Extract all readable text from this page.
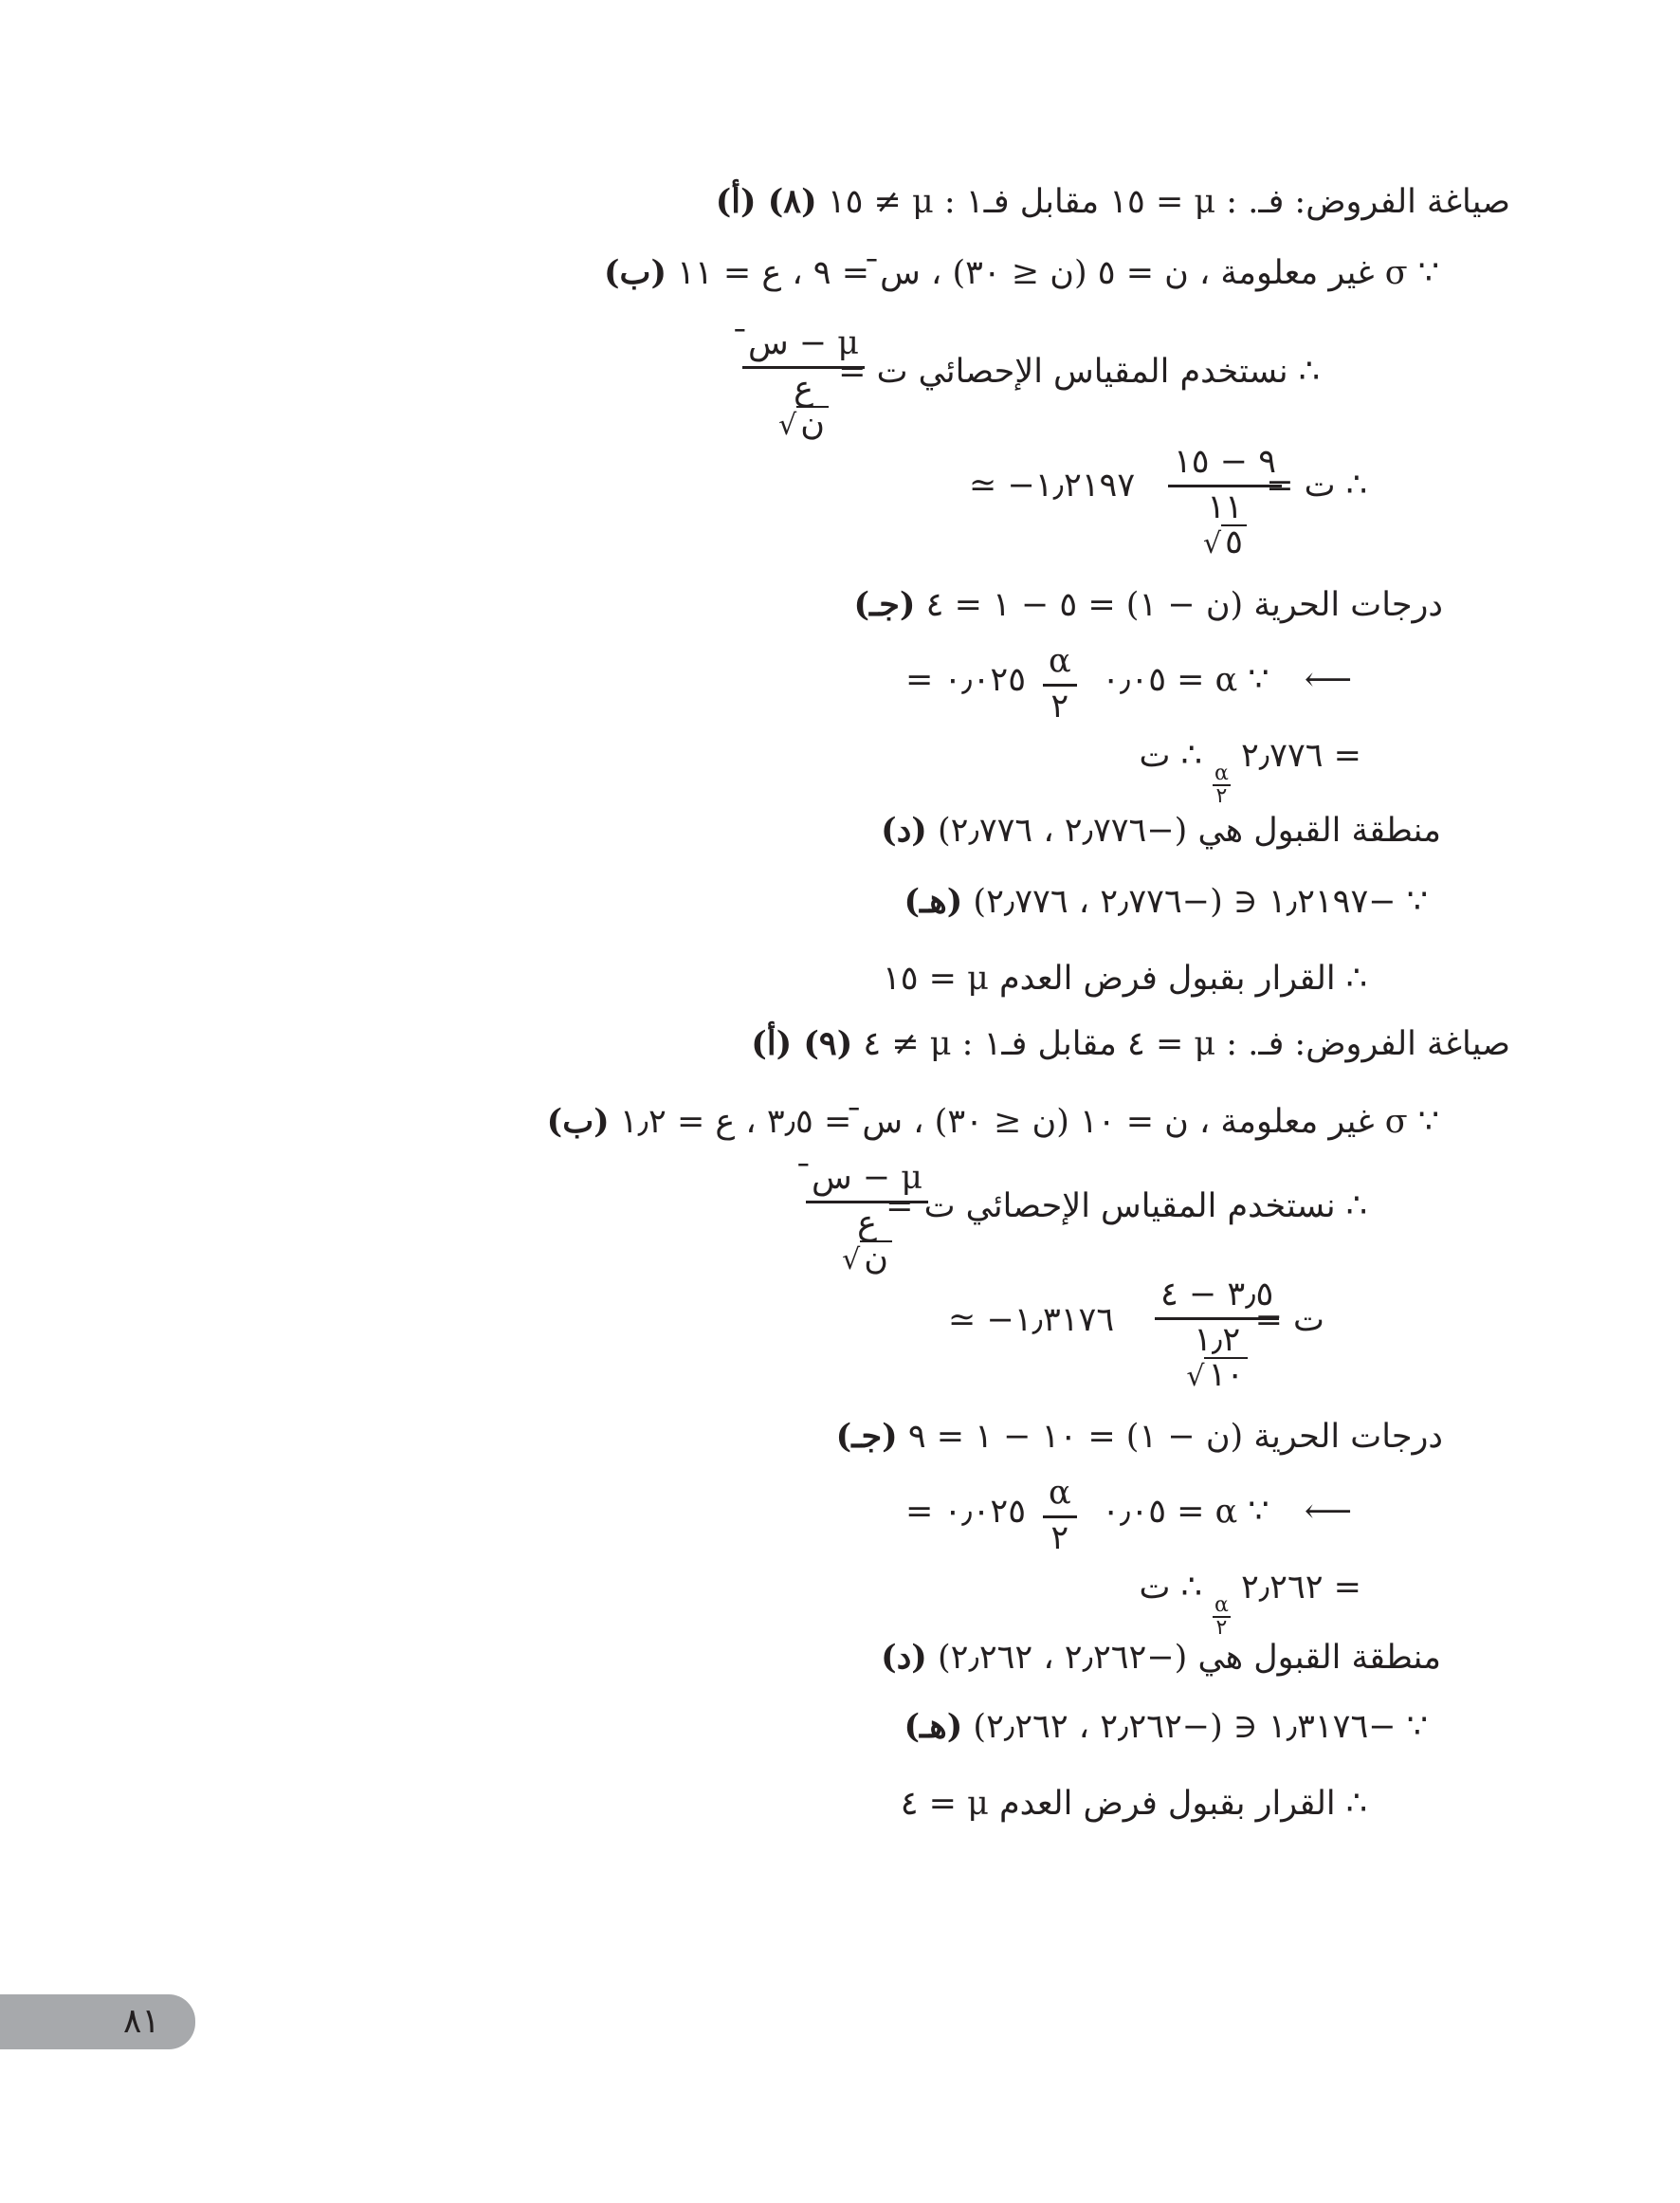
(٨) (أ) صياغة الفروض: فـ. : μ = ١٥ مقابل فـ١ : μ ≠ ١٥
(ب) ∵ σ غير معلومة ، ن = ٥ (ن ≤ ٣٠) ، س̄ = ٩ ، ع = ١١
∴ نستخدم المقياس الإحصائي ت =
س̄ − μ
ع
√ ن
∴ ت =
٩ − ١٥
١١
√ ٥
≃ −١٫٢١٩٧
(جـ) درجات الحرية (ن − ١) = ٥ − ١ = ٤
∵ α = ٠٫٠٥ ⟵
α
٢
= ٠٫٠٢٥
∴ ت α
٢
= ٢٫٧٧٦
(د) منطقة القبول هي (−٢٫٧٧٦ ، ٢٫٧٧٦)
(هـ) ∵ −١٫٢١٩٧ ∈ (−٢٫٧٧٦ ، ٢٫٧٧٦)
∴ القرار بقبول فرض العدم μ = ١٥
(٩) (أ) صياغة الفروض: فـ. : μ = ٤ مقابل فـ١ : μ ≠ ٤
(ب) ∵ σ غير معلومة ، ن = ١٠ (ن ≤ ٣٠) ، س̄ = ٣٫٥ ، ع = ١٫٢
∴ نستخدم المقياس الإحصائي ت =
س̄ − μ
ع
√ ن
ت =
٣٫٥ − ٤
١٫٢
√ ١٠
≃ −١٫٣١٧٦
(جـ) درجات الحرية (ن − ١) = ١٠ − ١ = ٩
∵ α = ٠٫٠٥ ⟵
α
٢
= ٠٫٠٢٥
∴ ت α
٢
= ٢٫٢٦٢
(د) منطقة القبول هي (−٢٫٢٦٢ ، ٢٫٢٦٢)
(هـ) ∵ −١٫٣١٧٦ ∈ (−٢٫٢٦٢ ، ٢٫٢٦٢)
∴ القرار بقبول فرض العدم μ = ٤
٨١
